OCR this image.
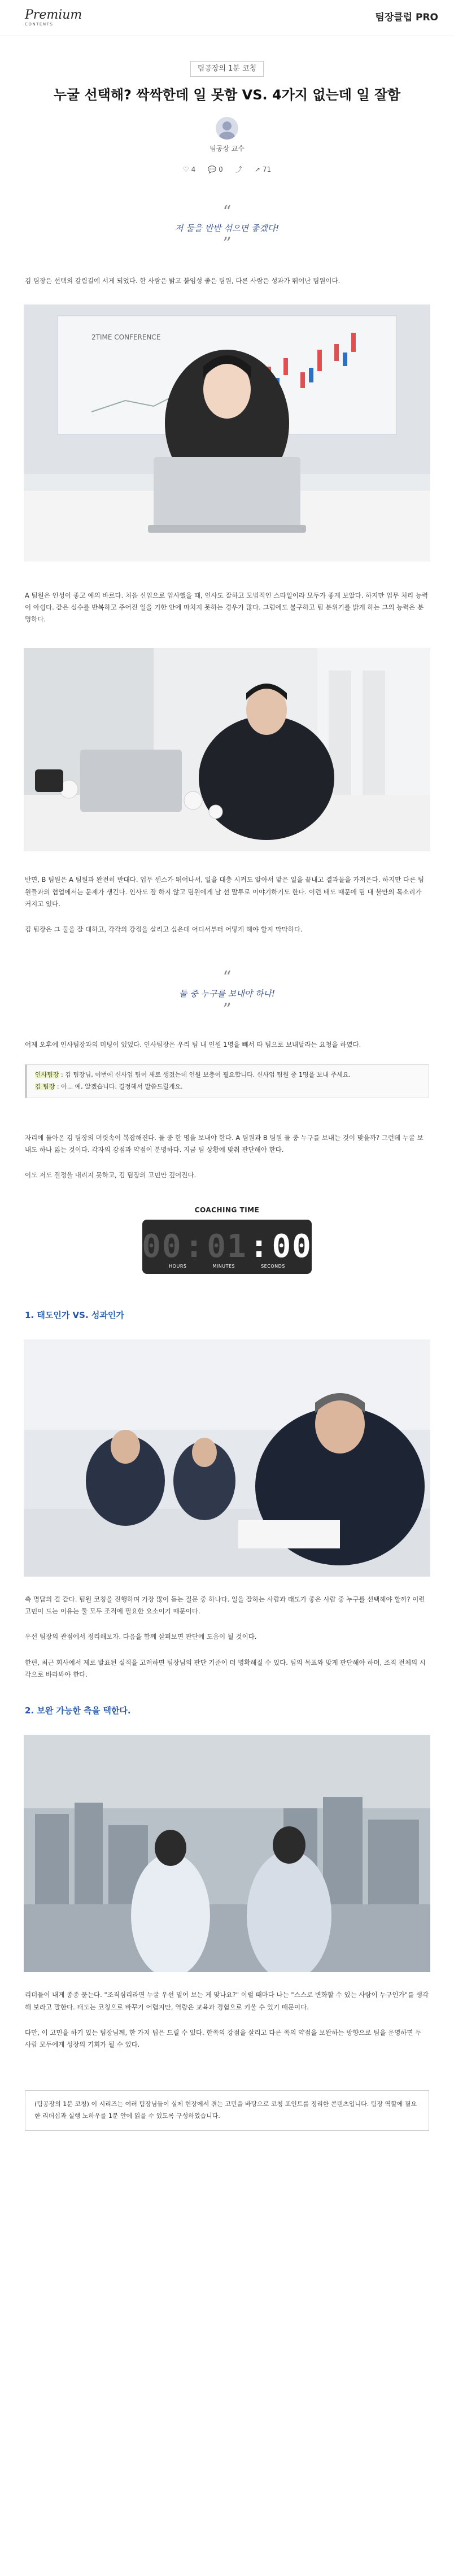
Premium
CONTENTS
팀장클럽 PRO
팀공장의 1분 코칭
누굴 선택해? 싹싹한데 일 못함 VS. 4가지 없는데 일 잘함
팀공장 교수
♡ 4 💬 0 ⤴ ↗ 71
“
저 둘을 반반 섞으면 좋겠다!
”

김 팀장은 선택의 갈림길에 서게 되었다. 한 사람은 밝고 붙임성 좋은 팀원, 다른 사람은 성과가 뛰어난 팀원이다.

2TIME CONFERENCE

A 팀원은 인성이 좋고 예의 바르다. 처음 신입으로 입사했을 때, 인사도 잘하고 모범적인 스타일이라 모두가 좋게 보았다. 하지만 업무 처리 능력이 아쉽다. 같은 실수를 반복하고 주어진 일을 기한 안에 마치지 못하는 경우가 많다. 그럼에도 불구하고 팀 분위기를 밝게 하는 그의 능력은 분명하다.

반면, B 팀원은 A 팀원과 완전히 반대다. 업무 센스가 뛰어나서, 일을 대충 시켜도 알아서 맡은 일을 끝내고 결과물을 가져온다. 하지만 다른 팀원들과의 협업에서는 문제가 생긴다. 인사도 잘 하지 않고 팀원에게 날 선 말투로 이야기하기도 한다. 이런 태도 때문에 팀 내 불만의 목소리가 커지고 있다.

김 팀장은 그 둘을 잘 대하고, 각각의 강점을 살리고 싶은데 어디서부터 어떻게 해야 할지 막막하다.

“
둘 중 누구를 보내야 하나!
”

어제 오후에 인사팀장과의 미팅이 있었다. 인사팀장은 우리 팀 내 인원 1명을 빼서 타 팀으로 보내달라는 요청을 하였다.

인사팀장 : 김 팀장님, 이번에 신사업 팀이 새로 생겼는데 인원 보충이 필요합니다. 신사업 팀원 중 1명을 보내 주세요.
김 팀장 : 아... 예, 알겠습니다. 결정해서 말씀드릴게요.

자리에 돌아온 김 팀장의 머릿속이 복잡해진다. 둘 중 한 명을 보내야 한다. A 팀원과 B 팀원 둘 중 누구를 보내는 것이 맞을까? 그런데 누굴 보내도 하나 잃는 것이다. 각자의 강점과 약점이 분명하다. 지금 팀 상황에 맞춰 판단해야 한다.

이도 저도 결정을 내리지 못하고, 김 팀장의 고민만 깊어진다.

COACHING TIME
00 : 01 : 00
HOURS	MINUTES	SECONDS
1. 태도인가 VS. 성과인가

축 명답의 걸 같다. 팀원 코칭을 진행하며 가장 많이 듣는 질문 중 하나다. 일을 잘하는 사람과 태도가 좋은 사람 중 누구를 선택해야 할까? 이런 고민이 드는 이유는 둘 모두 조직에 필요한 요소이기 때문이다.

우선 팀장의 관점에서 정리해보자. 다음을 함께 살펴보면 판단에 도움이 될 것이다.

한편, 최근 회사에서 제로 발표된 실적을 고려하면 팀장님의 판단 기준이 더 명확해질 수 있다. 팀의 목표와 맞게 판단해야 하며, 조직 전체의 시각으로 바라봐야 한다.

2. 보완 가능한 측을 택한다.

리더들이 내게 종종 묻는다. "조직심리라면 누굴 우선 밀어 보는 게 맞나요?" 이럴 때마다 나는 "스스로 변화할 수 있는 사람이 누구인가"를 생각해 보라고 말한다. 태도는 코칭으로 바꾸기 어렵지만, 역량은 교육과 경험으로 키울 수 있기 때문이다.

다만, 이 고민을 하기 있는 팀장님께, 한 가지 팁은 드릴 수 있다. 한쪽의 강점을 살리고 다른 쪽의 약점을 보완하는 방향으로 팀을 운영하면 두 사람 모두에게 성장의 기회가 될 수 있다.

(팀공장의 1분 코칭) 이 시리즈는 여러 팀장님들이 실제 현장에서 겪는 고민을 바탕으로 코칭 포인트를 정리한 콘텐츠입니다. 팀장 역할에 필요한 리더십과 실행 노하우를 1분 안에 읽을 수 있도록 구성하였습니다.
